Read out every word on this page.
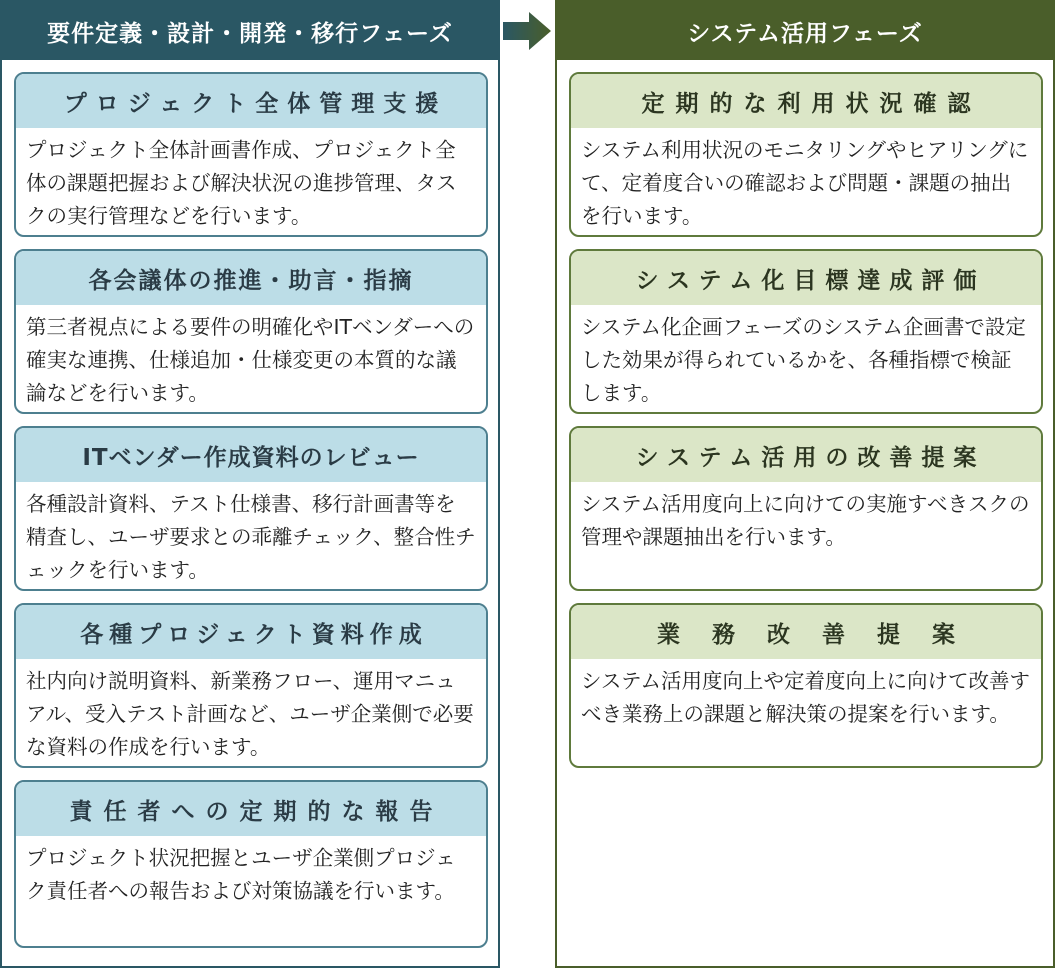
要件定義・設計・開発・移行フェーズ
プロジェクト全体管理支援
プロジェクト全体計画書作成、プロジェクト全体の課題把握および解決状況の進捗管理、タスクの実行管理などを行います。
各会議体の推進・助言・指摘
第三者視点による要件の明確化やITベンダーへの確実な連携、仕様追加・仕様変更の本質的な議論などを行います。
ITベンダー作成資料のレビュー
各種設計資料、テスト仕様書、移行計画書等を精査し、ユーザ要求との乖離チェック、整合性チェックを行います。
各種プロジェクト資料作成
社内向け説明資料、新業務フロー、運用マニュアル、受入テスト計画など、ユーザ企業側で必要な資料の作成を行います。
責任者への定期的な報告
プロジェクト状況把握とユーザ企業側プロジェク責任者への報告および対策協議を行います。
システム活用フェーズ
定期的な利用状況確認
システム利用状況のモニタリングやヒアリングにて、定着度合いの確認および問題・課題の抽出を行います。
システム化目標達成評価
システム化企画フェーズのシステム企画書で設定した効果が得られているかを、各種指標で検証します。
システム活用の改善提案
システム活用度向上に向けての実施すべきスクの管理や課題抽出を行います。
業務改善提案
システム活用度向上や定着度向上に向けて改善すべき業務上の課題と解決策の提案を行います。
